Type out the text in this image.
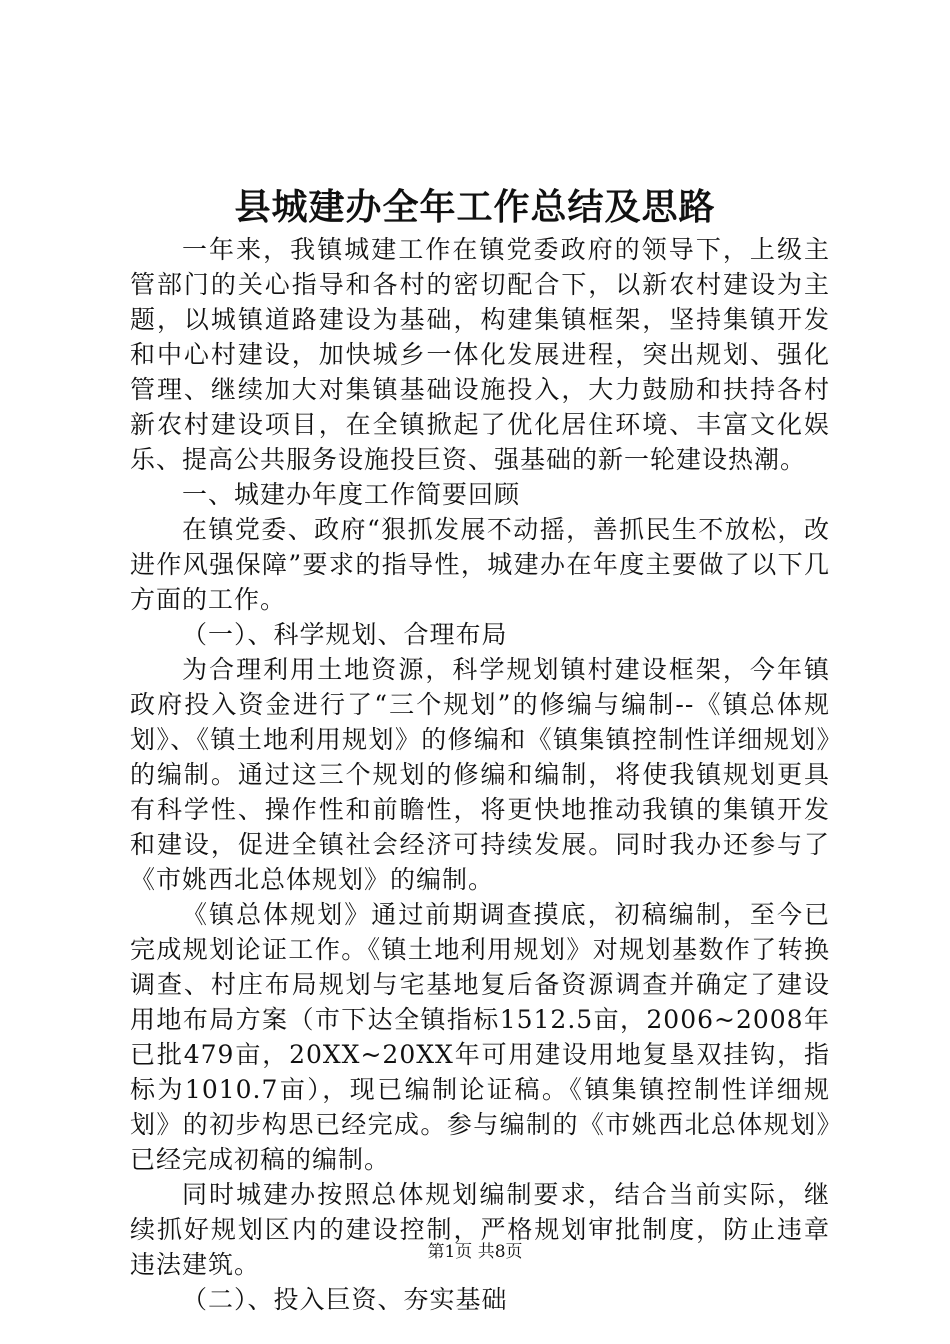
县城建办全年工作总结及思路

一年来，我镇城建工作在镇党委政府的领导下，上级主管部门的关心指导和各村的密切配合下，以新农村建设为主题，以城镇道路建设为基础，构建集镇框架，坚持集镇开发和中心村建设，加快城乡一体化发展进程，突出规划、强化管理、继续加大对集镇基础设施投入，大力鼓励和扶持各村新农村建设项目，在全镇掀起了优化居住环境、丰富文化娱乐、提高公共服务设施投巨资、强基础的新一轮建设热潮。

一、城建办年度工作简要回顾

在镇党委、政府“狠抓发展不动摇，善抓民生不放松，改进作风强保障”要求的指导性，城建办在年度主要做了以下几方面的工作。

（一）、科学规划、合理布局

为合理利用土地资源，科学规划镇村建设框架，今年镇政府投入资金进行了“三个规划”的修编与编制--《镇总体规划》、《镇土地利用规划》的修编和《镇集镇控制性详细规划》的编制。通过这三个规划的修编和编制，将使我镇规划更具有科学性、操作性和前瞻性，将更快地推动我镇的集镇开发和建设，促进全镇社会经济可持续发展。同时我办还参与了《市姚西北总体规划》的编制。

《镇总体规划》通过前期调查摸底，初稿编制，至今已完成规划论证工作。《镇土地利用规划》对规划基数作了转换调查、村庄布局规划与宅基地复后备资源调查并确定了建设用地布局方案（市下达全镇指标1512.5亩，2006~2008年已批479亩，20XX~20XX年可用建设用地复垦双挂钩，指标为1010.7亩），现已编制论证稿。《镇集镇控制性详细规划》的初步构思已经完成。参与编制的《市姚西北总体规划》已经完成初稿的编制。

同时城建办按照总体规划编制要求，结合当前实际，继续抓好规划区内的建设控制，严格规划审批制度，防止违章违法建筑。

（二）、投入巨资、夯实基础

第1页 共8页
